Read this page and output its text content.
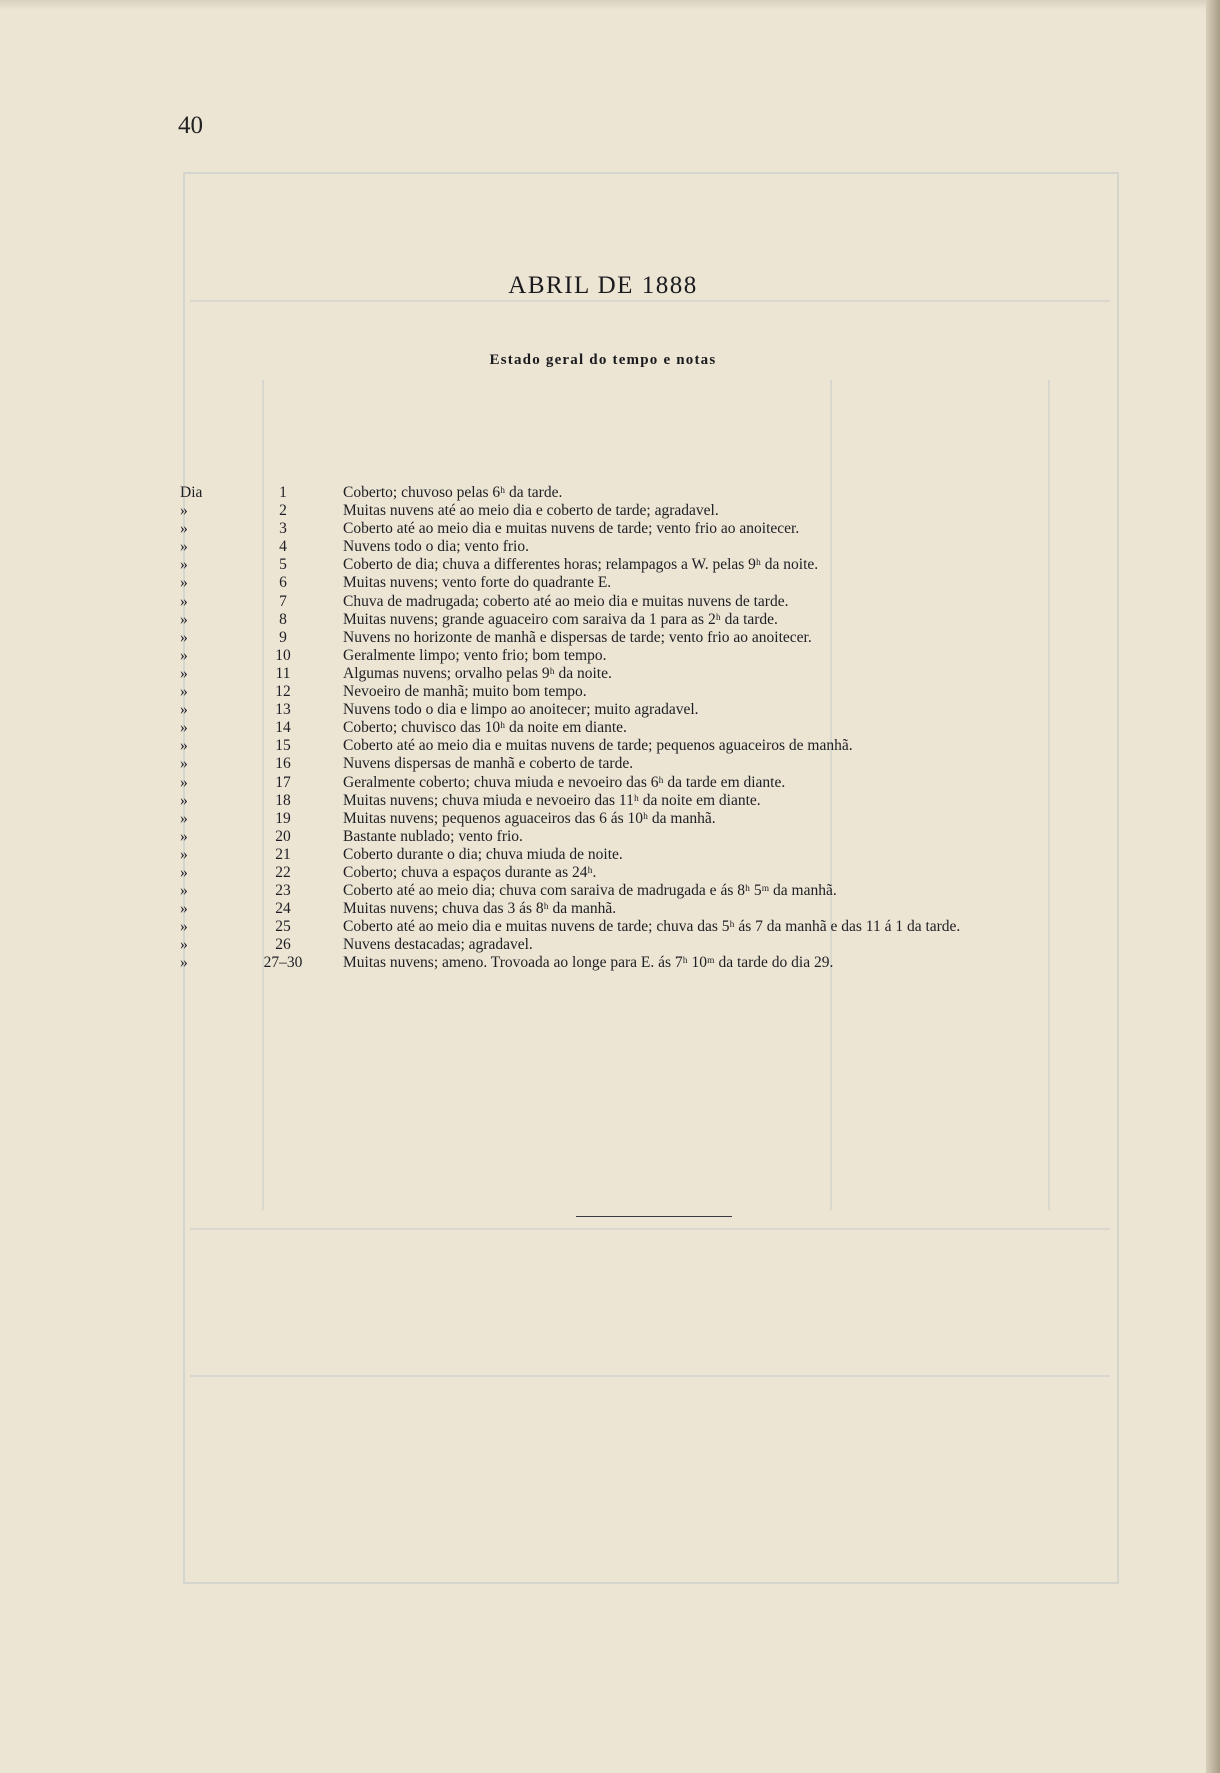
40
ABRIL DE 1888
Estado geral do tempo e notas
Dia	1	Coberto; chuvoso pelas 6ʰ da tarde.
»	2	Muitas nuvens até ao meio dia e coberto de tarde; agradavel.
»	3	Coberto até ao meio dia e muitas nuvens de tarde; vento frio ao anoitecer.
»	4	Nuvens todo o dia; vento frio.
»	5	Coberto de dia; chuva a differentes horas; relampagos a W. pelas 9ʰ da noite.
»	6	Muitas nuvens; vento forte do quadrante E.
»	7	Chuva de madrugada; coberto até ao meio dia e muitas nuvens de tarde.
»	8	Muitas nuvens; grande aguaceiro com saraiva da 1 para as 2ʰ da tarde.
»	9	Nuvens no horizonte de manhã e dispersas de tarde; vento frio ao anoitecer.
»	10	Geralmente limpo; vento frio; bom tempo.
»	11	Algumas nuvens; orvalho pelas 9ʰ da noite.
»	12	Nevoeiro de manhã; muito bom tempo.
»	13	Nuvens todo o dia e limpo ao anoitecer; muito agradavel.
»	14	Coberto; chuvisco das 10ʰ da noite em diante.
»	15	Coberto até ao meio dia e muitas nuvens de tarde; pequenos aguaceiros de manhã.
»	16	Nuvens dispersas de manhã e coberto de tarde.
»	17	Geralmente coberto; chuva miuda e nevoeiro das 6ʰ da tarde em diante.
»	18	Muitas nuvens; chuva miuda e nevoeiro das 11ʰ da noite em diante.
»	19	Muitas nuvens; pequenos aguaceiros das 6 ás 10ʰ da manhã.
»	20	Bastante nublado; vento frio.
»	21	Coberto durante o dia; chuva miuda de noite.
»	22	Coberto; chuva a espaços durante as 24ʰ.
»	23	Coberto até ao meio dia; chuva com saraiva de madrugada e ás 8ʰ 5ᵐ da manhã.
»	24	Muitas nuvens; chuva das 3 ás 8ʰ da manhã.
»	25	Coberto até ao meio dia e muitas nuvens de tarde; chuva das 5ʰ ás 7 da manhã e das 11 á 1 da tarde.
»	26	Nuvens destacadas; agradavel.
»	27–30	Muitas nuvens; ameno. Trovoada ao longe para E. ás 7ʰ 10ᵐ da tarde do dia 29.
